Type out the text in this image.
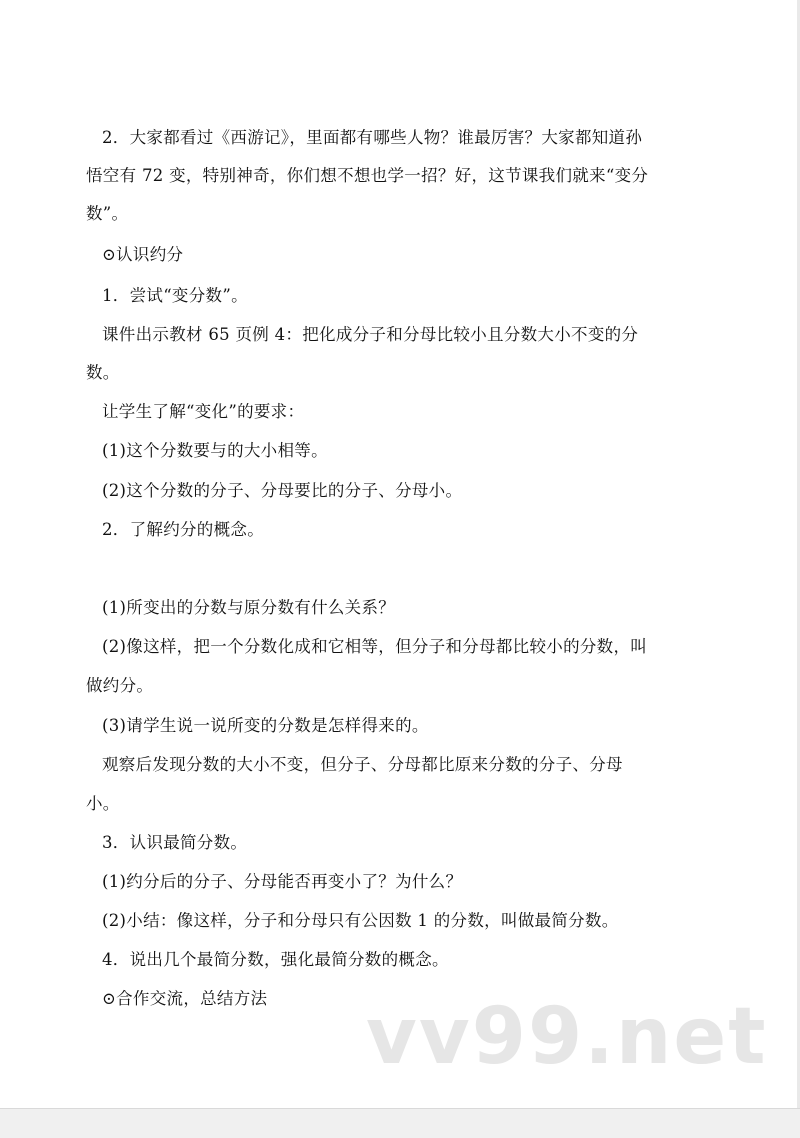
2．大家都看过《西游记》，里面都有哪些人物？谁最厉害？大家都知道孙
悟空有 72 变，特别神奇，你们想不想也学一招？好，这节课我们就来“变分
数”。
⊙认识约分
1．尝试“变分数”。
课件出示教材 65 页例 4：把化成分子和分母比较小且分数大小不变的分
数。
让学生了解“变化”的要求：
(1)这个分数要与的大小相等。
(2)这个分数的分子、分母要比的分子、分母小。
2．了解约分的概念。
(1)所变出的分数与原分数有什么关系？
(2)像这样，把一个分数化成和它相等，但分子和分母都比较小的分数，叫
做约分。
(3)请学生说一说所变的分数是怎样得来的。
观察后发现分数的大小不变，但分子、分母都比原来分数的分子、分母
小。
3．认识最简分数。
(1)约分后的分子、分母能否再变小了？为什么？
(2)小结：像这样，分子和分母只有公因数 1 的分数，叫做最简分数。
4．说出几个最简分数，强化最简分数的概念。
⊙合作交流，总结方法 vv99.net
